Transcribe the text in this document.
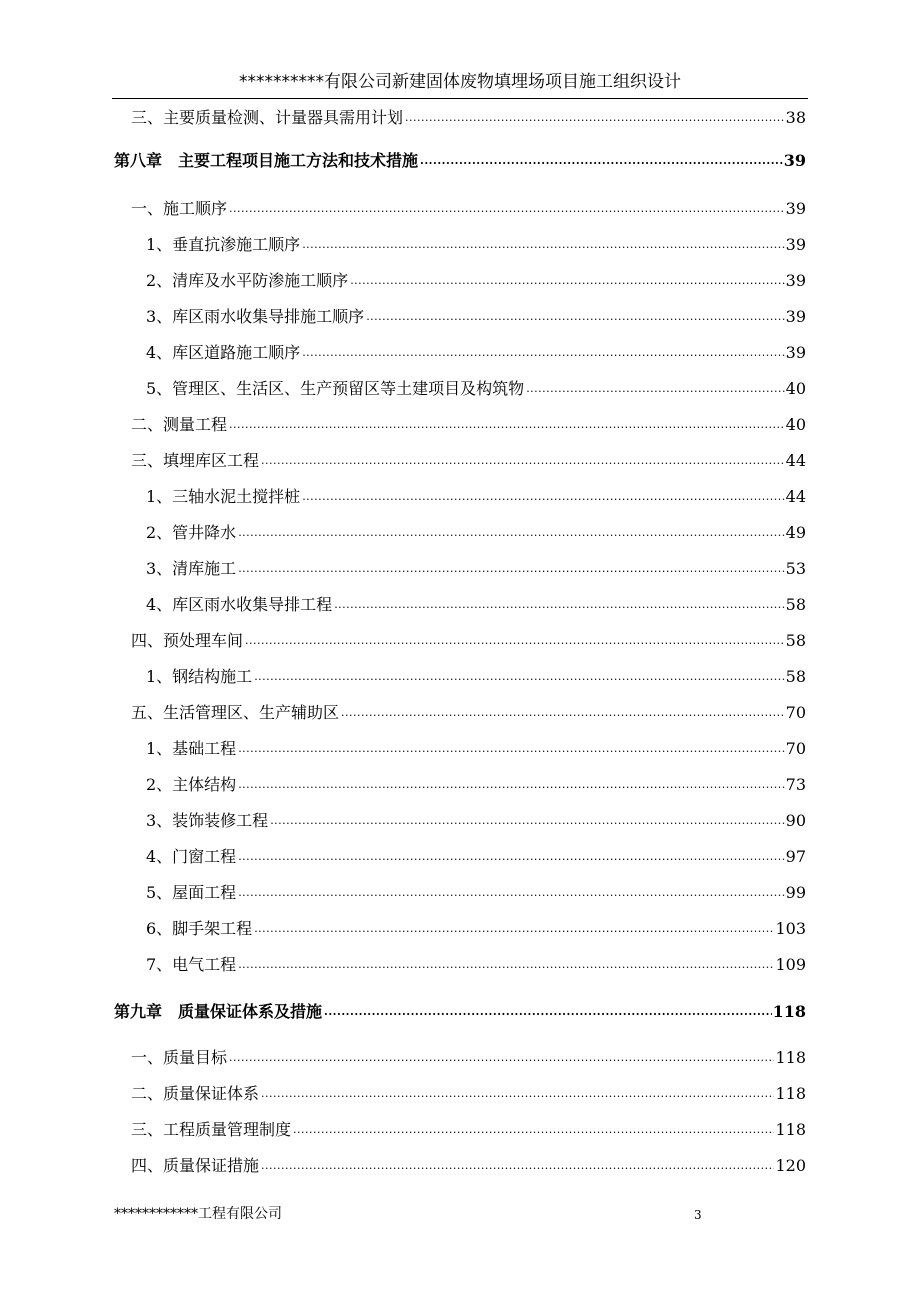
**********有限公司新建固体废物填埋场项目施工组织设计
三、主要质量检测、计量器具需用计划 .....	38
第八章　主要工程项目施工方法和技术措施 .....	39
一、施工顺序 .....	39
1、垂直抗渗施工顺序 .....	39
2、清库及水平防渗施工顺序 .....	39
3、库区雨水收集导排施工顺序 .....	39
4、库区道路施工顺序 .....	39
5、管理区、生活区、生产预留区等土建项目及构筑物 .....	40
二、测量工程 .....	40
三、填埋库区工程 .....	44
1、三轴水泥土搅拌桩 .....	44
2、管井降水 .....	49
3、清库施工 .....	53
4、库区雨水收集导排工程 .....	58
四、预处理车间 .....	58
1、钢结构施工 .....	58
五、生活管理区、生产辅助区 .....	70
1、基础工程 .....	70
2、主体结构 .....	73
3、装饰装修工程 .....	90
4、门窗工程 .....	97
5、屋面工程 .....	99
6、脚手架工程 .....	103
7、电气工程 .....	109
第九章　质量保证体系及措施 .....	118
一、质量目标 .....	118
二、质量保证体系 .....	118
三、工程质量管理制度 .....	118
四、质量保证措施 .....	120
************工程有限公司	3
